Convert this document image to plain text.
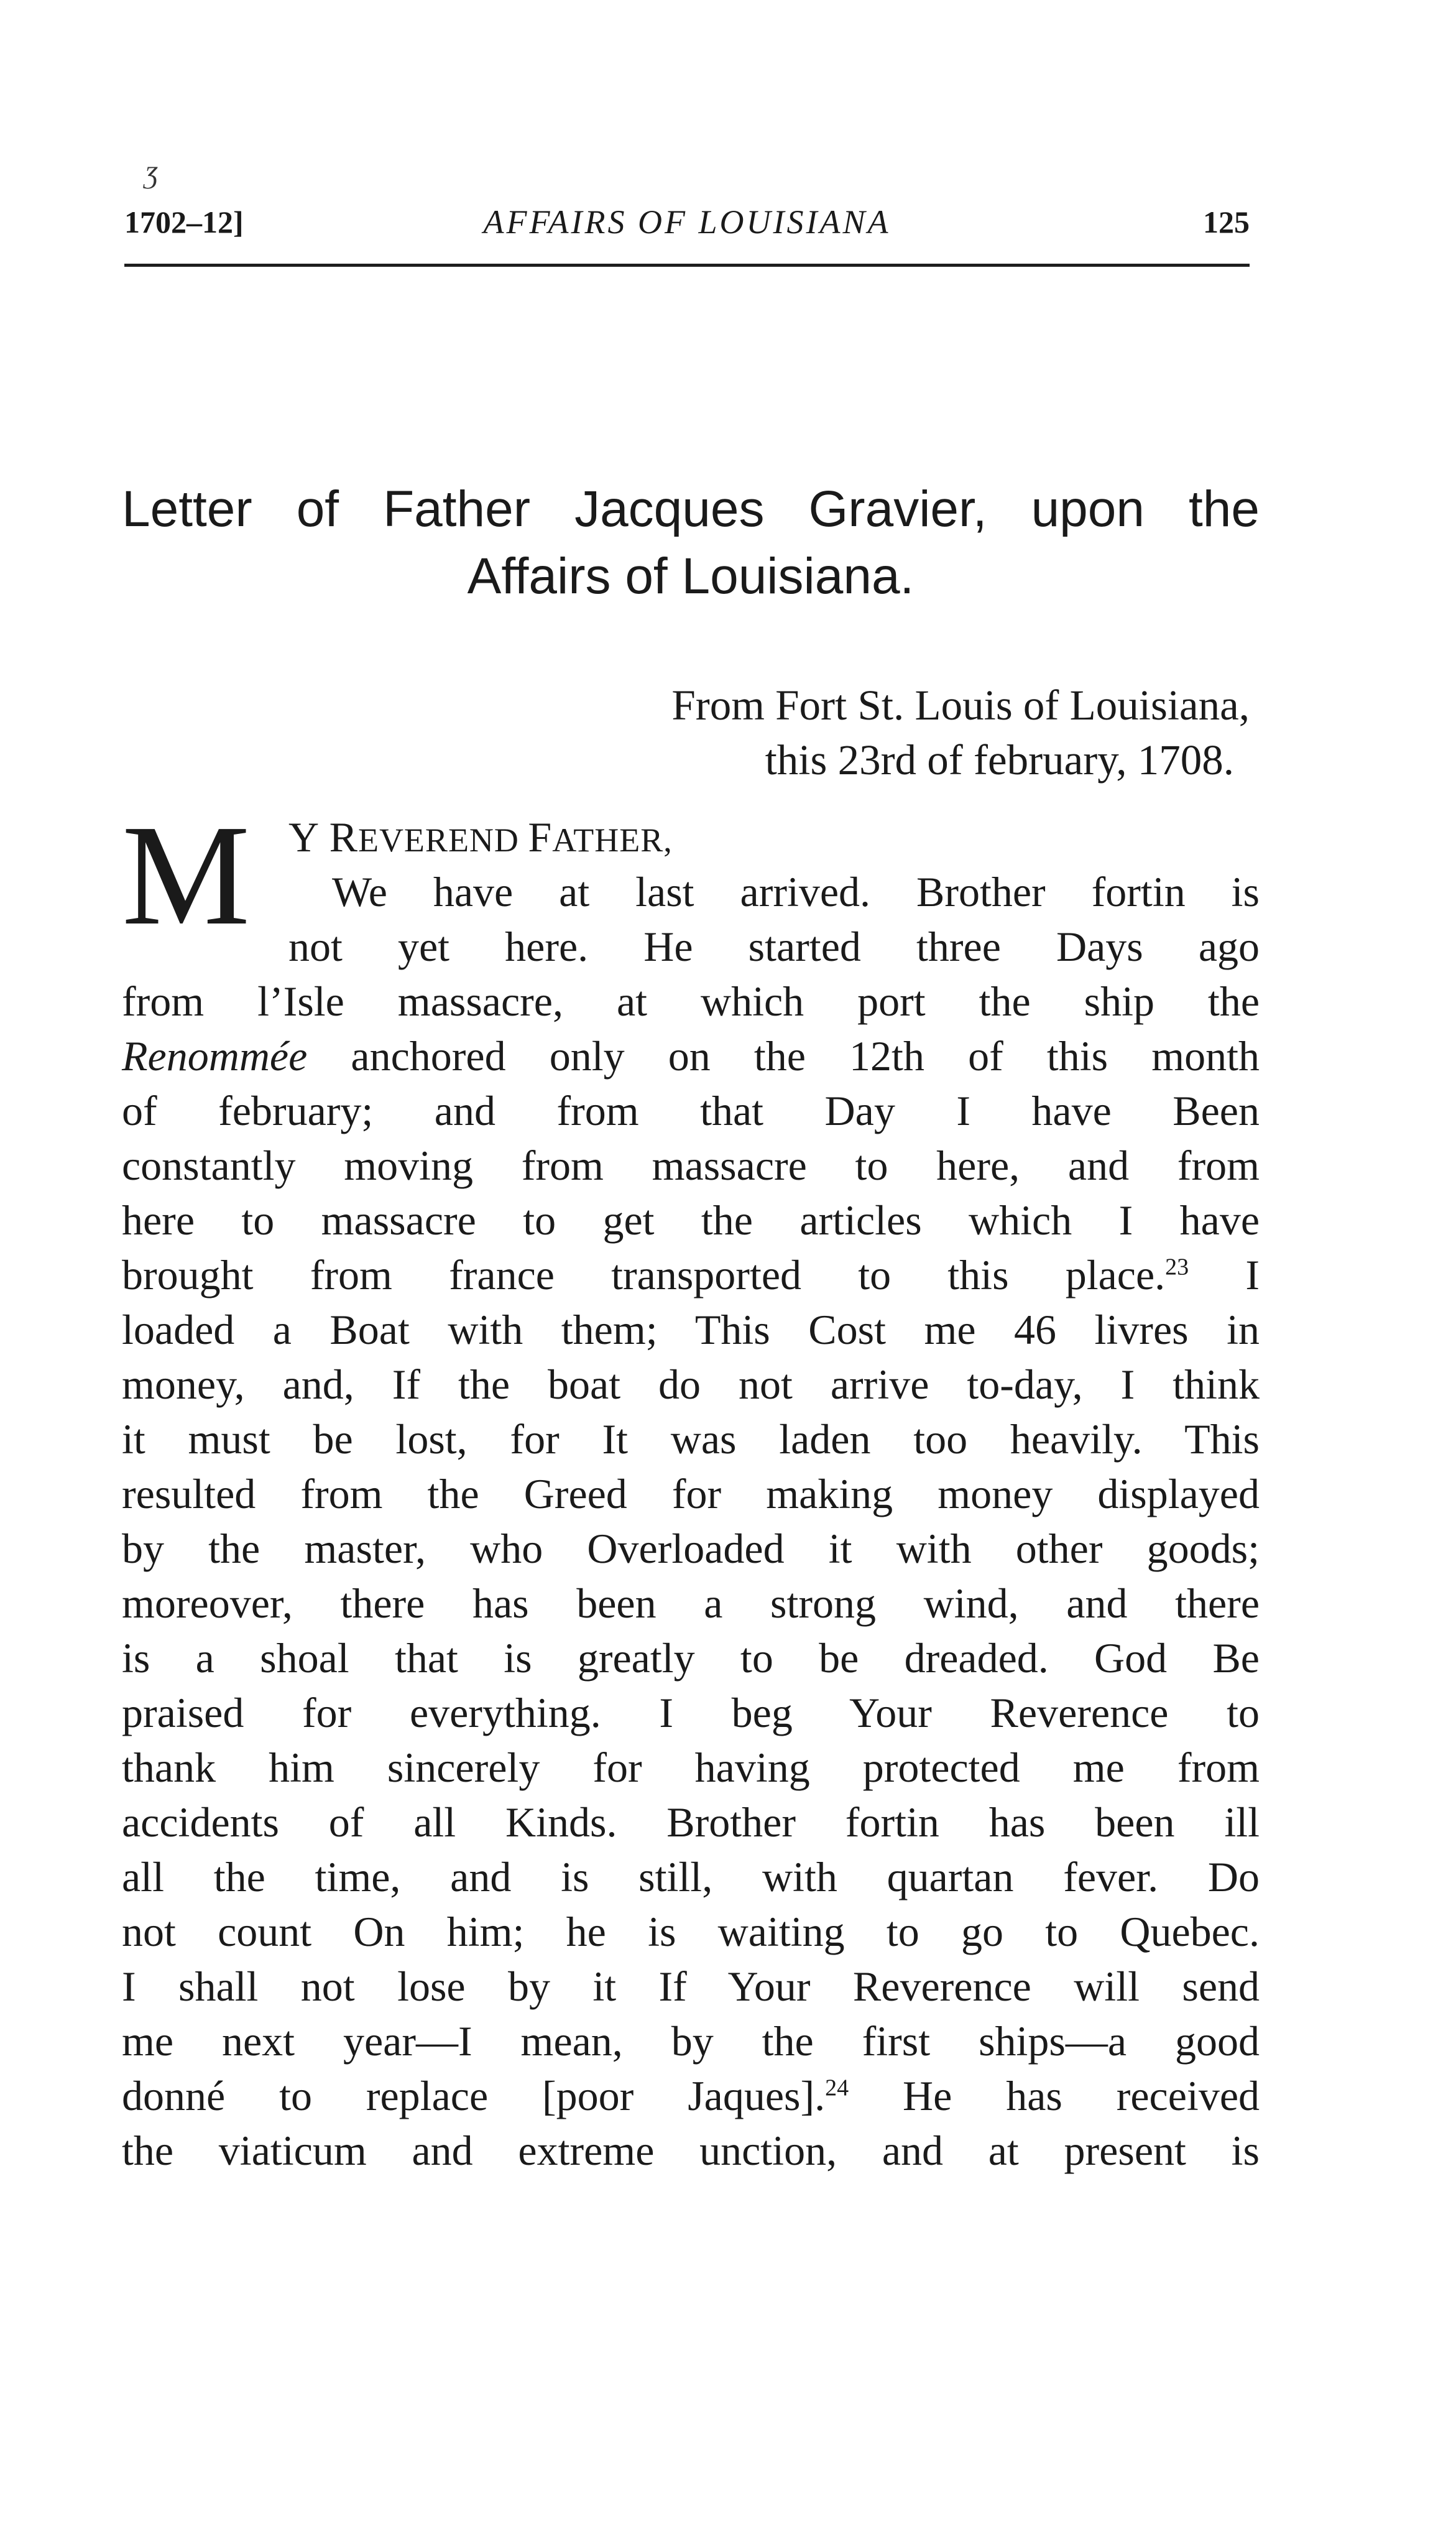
Ʒ
1702–12]	AFFAIRS OF LOUISIANA	125
Letter of Father Jacques Gravier, upon the
Affairs of Louisiana.
From Fort St. Louis of Louisiana,
this 23rd of february, 1708.
M Y REVEREND FATHER,
We have at last arrived. Brother fortin is
not yet here. He started three Days ago
from l’Isle massacre, at which port the ship the
Renommée anchored only on the 12th of this month
of february; and from that Day I have Been
constantly moving from massacre to here, and from
here to massacre to get the articles which I have
brought from france transported to this place.$^{23}$ I
loaded a Boat with them; This Cost me 46 livres in
money, and, If the boat do not arrive to-day, I think
it must be lost, for It was laden too heavily. This
resulted from the Greed for making money displayed
by the master, who Overloaded it with other goods;
moreover, there has been a strong wind, and there
is a shoal that is greatly to be dreaded. God Be
praised for everything. I beg Your Reverence to
thank him sincerely for having protected me from
accidents of all Kinds. Brother fortin has been ill
all the time, and is still, with quartan fever. Do
not count On him; he is waiting to go to Quebec.
I shall not lose by it If Your Reverence will send
me next year—I mean, by the first ships—a good
donné to replace [poor Jaques].$^{24}$ He has received
the viaticum and extreme unction, and at present is
